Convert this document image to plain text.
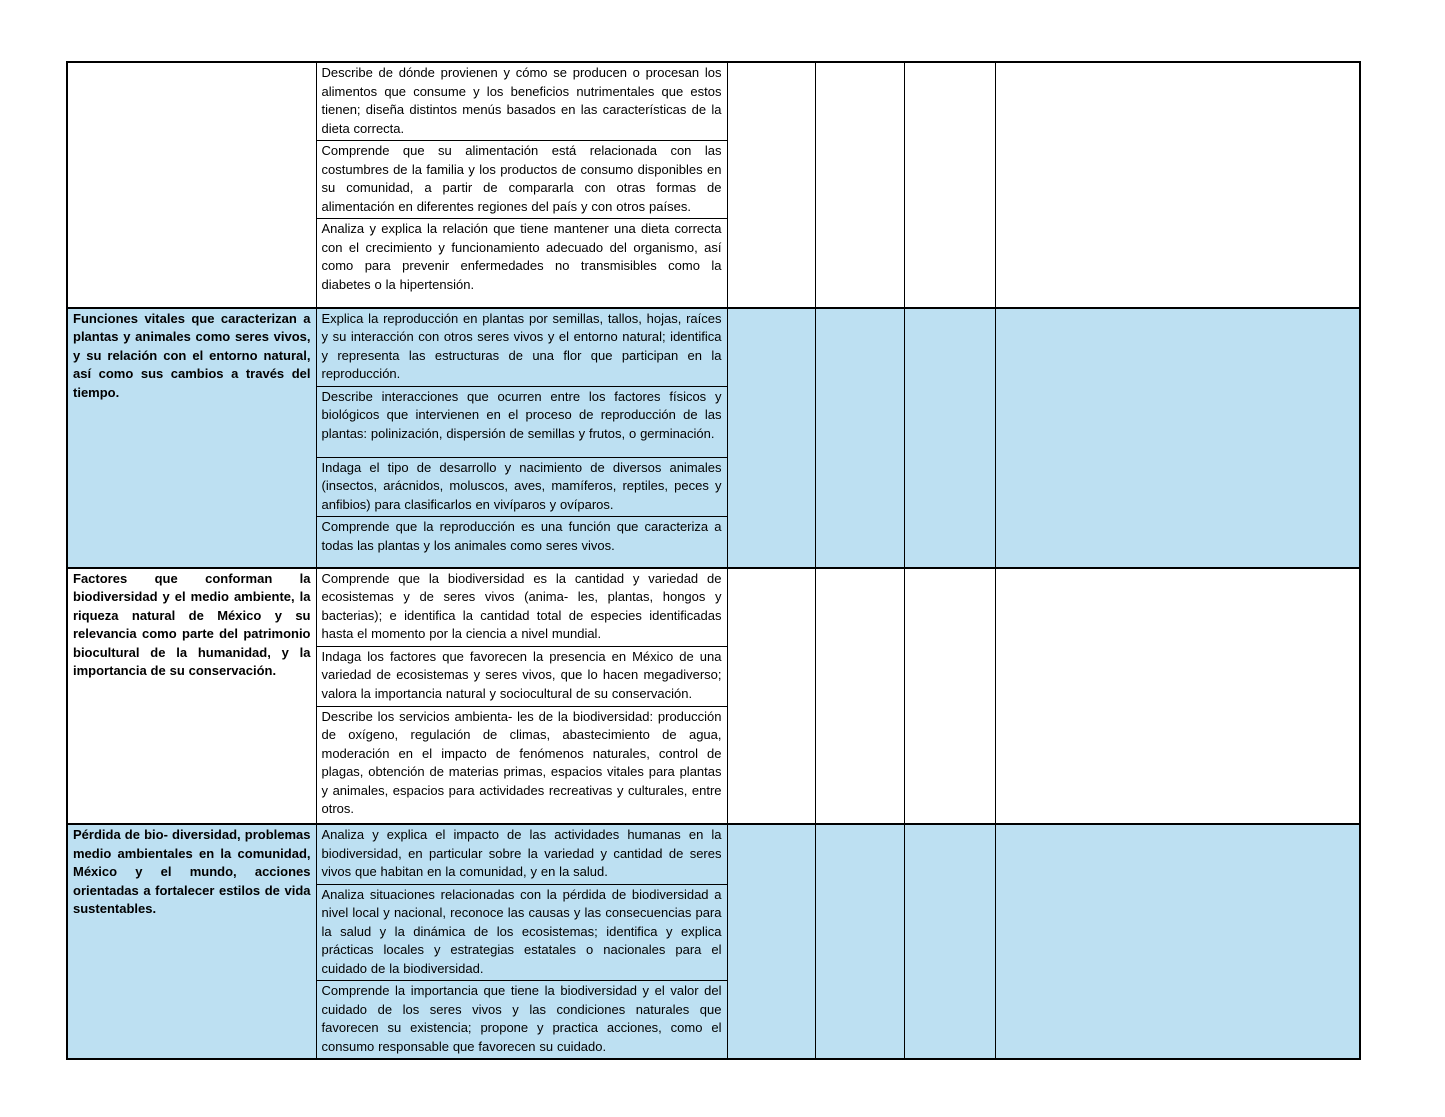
	Describe de dónde provienen y cómo se producen o procesan los alimentos que consume y los beneficios nutrimentales que estos tienen; diseña distintos menús basados en las características de la dieta correcta.				
	Comprende que su alimentación está relacionada con las costumbres de la familia y los productos de consumo disponibles en su comunidad, a partir de compararla con otras formas de alimentación en diferentes regiones del país y con otros países.				
	Analiza y explica la relación que tiene mantener una dieta correcta con el crecimiento y funcionamiento adecuado del organismo, así como para prevenir enfermedades no transmisibles como la diabetes o la hipertensión.				
Funciones vitales que caracterizan a plantas y animales como seres vivos, y su relación con el entorno natural, así como sus cambios a través del tiempo.	Explica la reproducción en plantas por semillas, tallos, hojas, raíces y su interacción con otros seres vivos y el entorno natural; identifica y representa las estructuras de una flor que participan en la reproducción.				
	Describe interacciones que ocurren entre los factores físicos y biológicos que intervienen en el proceso de reproducción de las plantas: polinización, dispersión de semillas y frutos, o germinación.				
	Indaga el tipo de desarrollo y nacimiento de diversos animales (insectos, arácnidos, moluscos, aves, mamíferos, reptiles, peces y anfibios) para clasificarlos en vivíparos y ovíparos.				
	Comprende que la reproducción es una función que caracteriza a todas las plantas y los animales como seres vivos.				
Factores que conforman la biodiversidad y el medio ambiente, la riqueza natural de México y su relevancia como parte del patrimonio biocultural de la humanidad, y la importancia de su conservación.	Comprende que la biodiversidad es la cantidad y variedad de ecosistemas y de seres vivos (anima- les, plantas, hongos y bacterias); e identifica la cantidad total de especies identificadas hasta el momento por la ciencia a nivel mundial.				
	Indaga los factores que favorecen la presencia en México de una variedad de ecosistemas y seres vivos, que lo hacen megadiverso; valora la importancia natural y sociocultural de su conservación.				
	Describe los servicios ambienta- les de la biodiversidad: producción de oxígeno, regulación de climas, abastecimiento de agua, moderación en el impacto de fenómenos naturales, control de plagas, obtención de materias primas, espacios vitales para plantas y animales, espacios para actividades recreativas y culturales, entre otros.				
Pérdida de bio- diversidad, problemas medio ambientales en la comunidad, México y el mundo, acciones orientadas a fortalecer estilos de vida sustentables.	Analiza y explica el impacto de las actividades humanas en la biodiversidad, en particular sobre la variedad y cantidad de seres vivos que habitan en la comunidad, y en la salud.				
	Analiza situaciones relacionadas con la pérdida de biodiversidad a nivel local y nacional, reconoce las causas y las consecuencias para la salud y la dinámica de los ecosistemas; identifica y explica prácticas locales y estrategias estatales o nacionales para el cuidado de la biodiversidad.				
	Comprende la importancia que tiene la biodiversidad y el valor del cuidado de los seres vivos y las condiciones naturales que favorecen su existencia; propone y practica acciones, como el consumo responsable que favorecen su cuidado.				
